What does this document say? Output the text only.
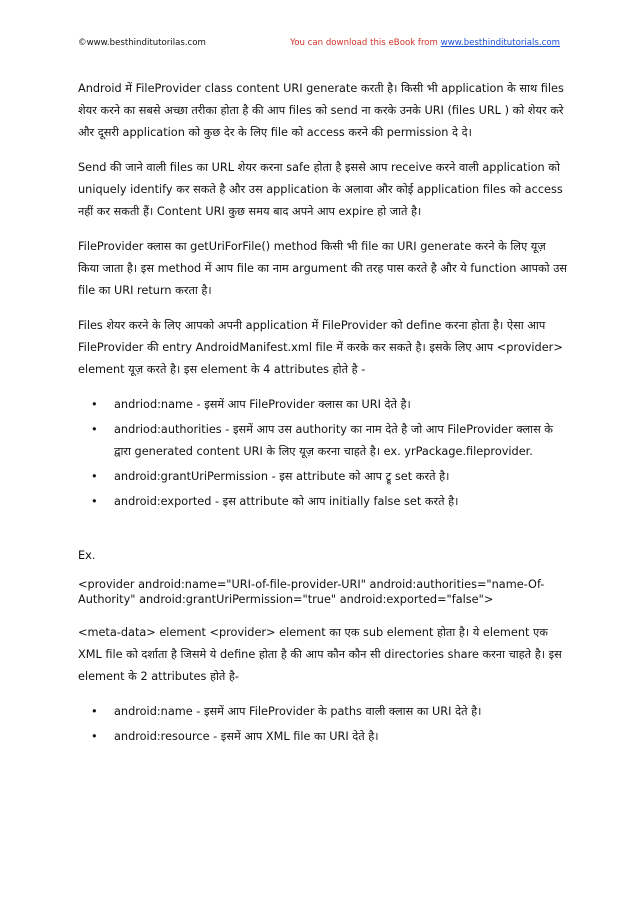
©www.besthinditutorilas.com	You can download this eBook from www.besthinditutorials.com

Android में FileProvider class content URI generate करती है। किसी भी application के साथ files शेयर करने का सबसे अच्छा तरीका होता है की आप files को send ना करके उनके URI (files URL ) को शेयर करे और दूसरी application को कुछ देर के लिए file को access करने की permission दे दे।

Send की जाने वाली files का URL शेयर करना safe होता है इससे आप receive करने वाली application को uniquely identify कर सकते है और उस application के अलावा और कोई application files को access नहीं कर सकती हैं। Content URI कुछ समय बाद अपने आप expire हो जाते है।

FileProvider क्लास का getUriForFile() method किसी भी file का URI generate करने के लिए यूज़ किया जाता है। इस method में आप file का नाम argument की तरह पास करते है और ये function आपको उस file का URI return करता है।

Files शेयर करने के लिए आपको अपनी application में FileProvider को define करना होता है। ऐसा आप FileProvider की entry AndroidManifest.xml file में करके कर सकते है। इसके लिए आप <provider> element यूज़ करते है। इस element के 4 attributes होते है -

• andriod:name - इसमें आप FileProvider क्लास का URI देते है।
• andriod:authorities - इसमें आप उस authority का नाम देते है जो आप FileProvider क्लास के द्वारा generated content URI के लिए यूज़ करना चाहते है। ex. yrPackage.fileprovider.
• android:grantUriPermission - इस attribute को आप ट्रू set करते है।
• android:exported - इस attribute को आप initially false set करते है।

Ex.

<provider android:name="URI-of-file-provider-URI" android:authorities="name-Of-Authority" android:grantUriPermission="true" android:exported="false">

<meta-data> element <provider> element का एक sub element होता है। ये element एक XML file को दर्शाता है जिसमे ये define होता है की आप कौन कौन सी directories share करना चाहते है। इस element के 2 attributes होते है-

• android:name - इसमें आप FileProvider के paths वाली क्लास का URI देते है।
• android:resource - इसमें आप XML file का URI देते है।
